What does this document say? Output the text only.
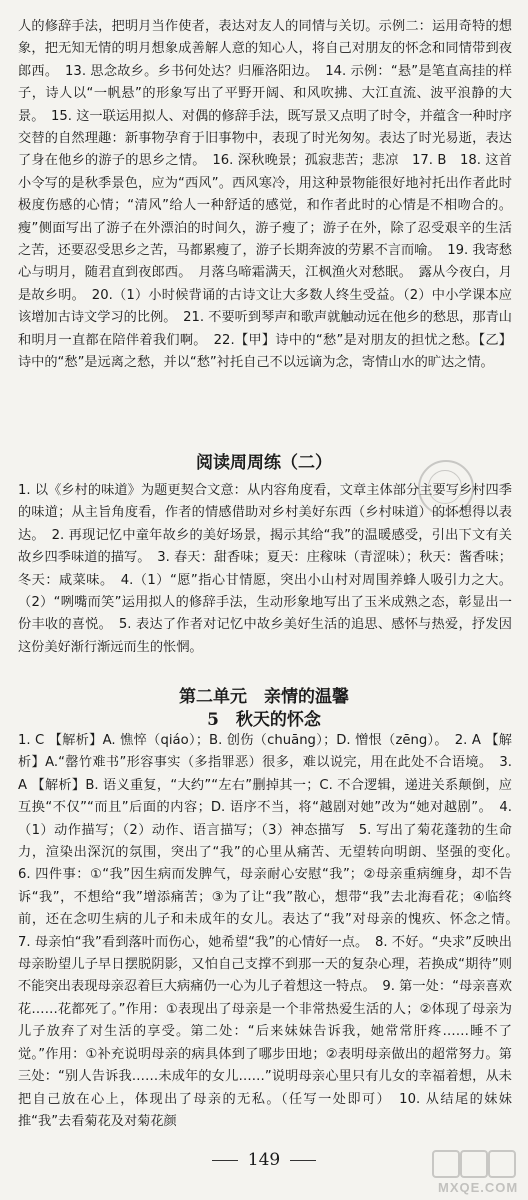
人的修辞手法，把明月当作使者，表达对友人的同情与关切。示例二：运用奇特的想象，把无知无情的明月想象成善解人意的知心人，将自己对朋友的怀念和同情带到夜郎西。　13. 思念故乡。乡书何处达？归雁洛阳边。　14. 示例：“悬”是笔直高挂的样子，诗人以“一帆悬”的形象写出了平野开阔、和风吹拂、大江直流、波平浪静的大景。　15. 这一联运用拟人、对偶的修辞手法，既写景又点明了时令，并蕴含一种时序交替的自然理趣：新事物孕育于旧事物中，表现了时光匆匆。表达了时光易逝，表达了身在他乡的游子的思乡之情。　16. 深秋晚景；孤寂悲苦；悲凉　17. B　18. 这首小令写的是秋季景色，应为“西风”。西风寒冷，用这种景物能很好地衬托出作者此时极度伤感的心情；“清风”给人一种舒适的感觉，和作者此时的心情是不相吻合的。瘦”侧面写出了游子在外漂泊的时间久，游子瘦了；游子在外，除了忍受艰辛的生活之苦，还要忍受思乡之苦，马都累瘦了，游子长期奔波的劳累不言而喻。　19. 我寄愁心与明月，随君直到夜郎西。　月落乌啼霜满天，江枫渔火对愁眠。　露从今夜白，月是故乡明。　20.（1）小时候背诵的古诗文让大多数人终生受益。（2）中小学课本应该增加古诗文学习的比例。　21. 不要听到琴声和歌声就触动远在他乡的愁思，那青山和明月一直都在陪伴着我们啊。　22.【甲】诗中的“愁”是对朋友的担忧之愁。【乙】诗中的“愁”是远离之愁，并以“愁”衬托自己不以远谪为念，寄情山水的旷达之情。
阅读周周练（二）
1. 以《乡村的味道》为题更契合文意：从内容角度看，文章主体部分主要写乡村四季的味道；从主旨角度看，作者的情感借助对乡村美好东西（乡村味道）的怀想得以表达。　2. 再现记忆中童年故乡的美好场景，揭示其给“我”的温暖感受，引出下文有关故乡四季味道的描写。　3. 春天：甜香味；夏天：庄稼味（青涩味）；秋天：酱香味；冬天：咸菜味。　4.（1）“愿”指心甘情愿，突出小山村对周围养蜂人吸引力之大。（2）“咧嘴而笑”运用拟人的修辞手法，生动形象地写出了玉米成熟之态，彰显出一份丰收的喜悦。　5. 表达了作者对记忆中故乡美好生活的追思、感怀与热爱，抒发因这份美好渐行渐远而生的怅惘。
第二单元　亲情的温馨
5　秋天的怀念
1. C 【解析】A. 憔悴（qiáo）；B. 创伤（chuāng）；D. 憎恨（zēng）。　2. A 【解析】A.“罄竹难书”形容事实（多指罪恶）很多，难以说完，用在此处不合语境。　3. A 【解析】B. 语义重复，“大约”“左右”删掉其一；C. 不合逻辑，递进关系颠倒，应互换“不仅”“而且”后面的内容；D. 语序不当，将“越剧对她”改为“她对越剧”。　4.（1）动作描写；（2）动作、语言描写；（3）神态描写　5. 写出了菊花蓬勃的生命力，渲染出深沉的氛围，突出了“我”的心里从痛苦、无望转向明朗、坚强的变化。　6. 四件事：①“我”因生病而发脾气，母亲耐心安慰“我”；②母亲重病缠身，却不告诉“我”，不想给“我”增添痛苦；③为了让“我”散心，想带“我”去北海看花；④临终前，还在念叨生病的儿子和未成年的女儿。表达了“我”对母亲的愧疚、怀念之情。　7. 母亲怕“我”看到落叶而伤心，她希望“我”的心情好一点。　8. 不好。“央求”反映出母亲盼望儿子早日摆脱阴影，又怕自己支撑不到那一天的复杂心理，若换成“期待”则不能突出表现母亲忍着巨大病痛仍一心为儿子着想这一特点。　9. 第一处：“母亲喜欢花……花都死了。”作用：①表现出了母亲是一个非常热爱生活的人；②体现了母亲为儿子放弃了对生活的享受。第二处：“后来妹妹告诉我，她常常肝疼……睡不了觉。”作用：①补充说明母亲的病具体到了哪步田地；②表明母亲做出的超常努力。第三处：“别人告诉我……未成年的女儿……”说明母亲心里只有儿女的幸福着想，从未把自己放在心上，体现出了母亲的无私。（任写一处即可）　10. 从结尾的妹妹推“我”去看菊花及对菊花颜
149
MXQE.COM
